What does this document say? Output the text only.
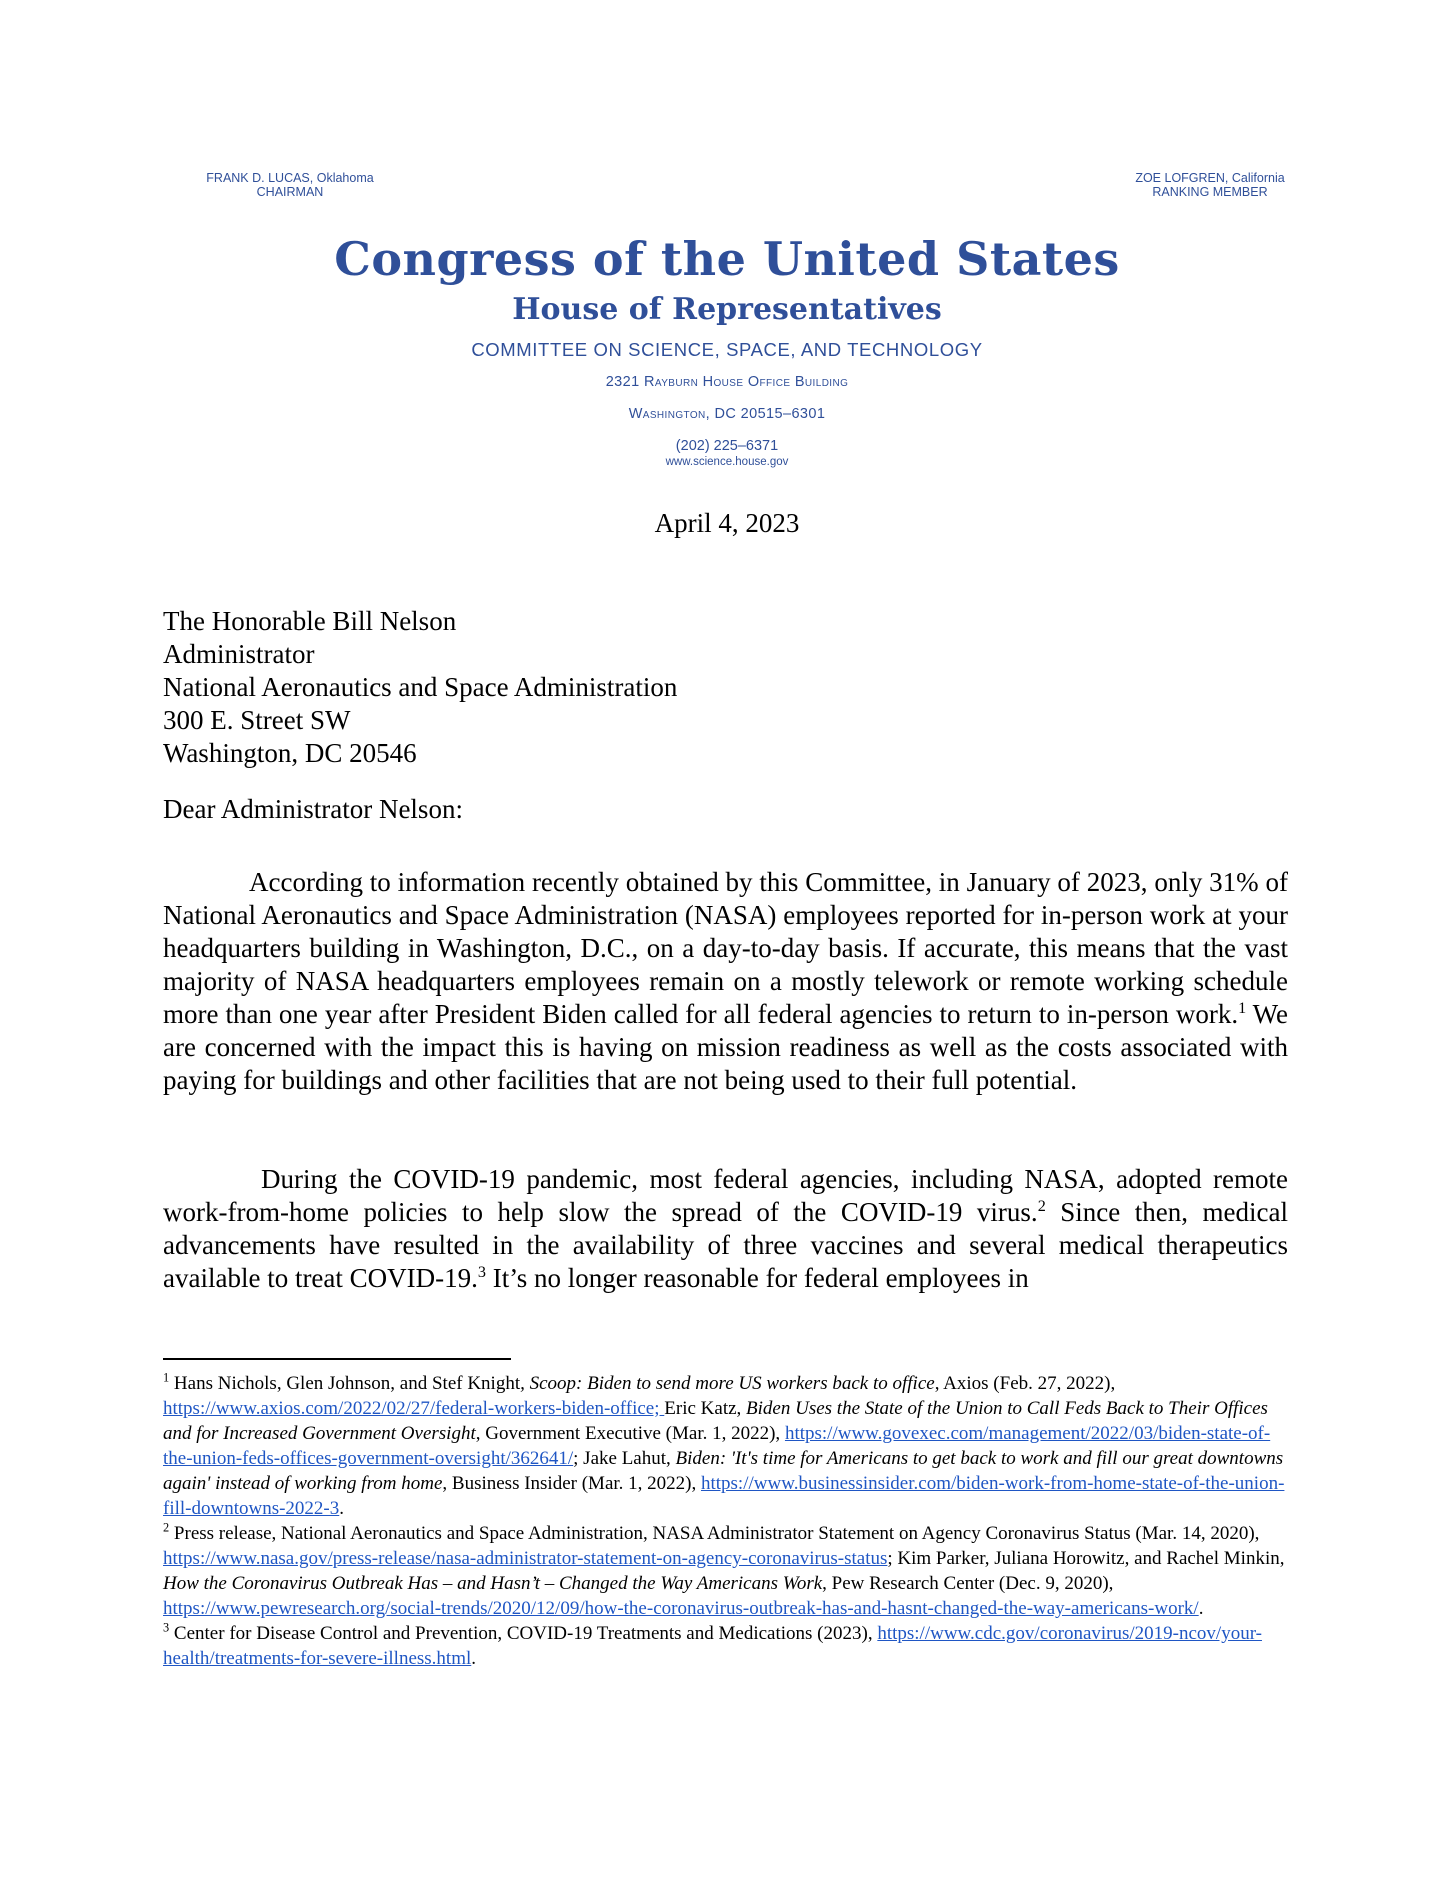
FRANK D. LUCAS, Oklahoma
CHAIRMAN
ZOE LOFGREN, California
RANKING MEMBER
Congress of the United States
House of Representatives
COMMITTEE ON SCIENCE, SPACE, AND TECHNOLOGY
2321 Rayburn House Office Building
Washington, DC 20515–6301
(202) 225–6371
www.science.house.gov
April 4, 2023
The Honorable Bill Nelson
Administrator
National Aeronautics and Space Administration
300 E. Street SW
Washington, DC 20546
Dear Administrator Nelson:

According to information recently obtained by this Committee, in January of 2023, only 31% of National Aeronautics and Space Administration (NASA) employees reported for in-person work at your headquarters building in Washington, D.C., on a day-to-day basis. If accurate, this means that the vast majority of NASA headquarters employees remain on a mostly telework or remote working schedule more than one year after President Biden called for all federal agencies to return to in-person work.$^1$ We are concerned with the impact this is having on mission readiness as well as the costs associated with paying for buildings and other facilities that are not being used to their full potential.

During the COVID-19 pandemic, most federal agencies, including NASA, adopted remote work-from-home policies to help slow the spread of the COVID-19 virus.$^2$ Since then, medical advancements have resulted in the availability of three vaccines and several medical therapeutics available to treat COVID-19.$^3$ It’s no longer reasonable for federal employees in

$^1$ Hans Nichols, Glen Johnson, and Stef Knight, Scoop: Biden to send more US workers back to office, Axios (Feb. 27, 2022), https://www.axios.com/2022/02/27/federal-workers-biden-office; Eric Katz, Biden Uses the State of the Union to Call Feds Back to Their Offices and for Increased Government Oversight, Government Executive (Mar. 1, 2022), https://www.govexec.com/management/2022/03/biden-state-of-the-union-feds-offices-government-oversight/362641/; Jake Lahut, Biden: 'It's time for Americans to get back to work and fill our great downtowns again' instead of working from home, Business Insider (Mar. 1, 2022), https://www.businessinsider.com/biden-work-from-home-state-of-the-union-fill-downtowns-2022-3.

$^2$ Press release, National Aeronautics and Space Administration, NASA Administrator Statement on Agency Coronavirus Status (Mar. 14, 2020), https://www.nasa.gov/press-release/nasa-administrator-statement-on-agency-coronavirus-status; Kim Parker, Juliana Horowitz, and Rachel Minkin, How the Coronavirus Outbreak Has – and Hasn’t – Changed the Way Americans Work, Pew Research Center (Dec. 9, 2020), https://www.pewresearch.org/social-trends/2020/12/09/how-the-coronavirus-outbreak-has-and-hasnt-changed-the-way-americans-work/.

$^3$ Center for Disease Control and Prevention, COVID-19 Treatments and Medications (2023), https://www.cdc.gov/coronavirus/2019-ncov/your-health/treatments-for-severe-illness.html.
